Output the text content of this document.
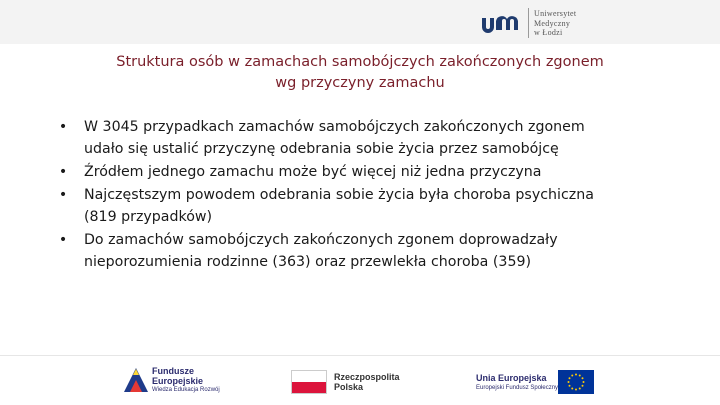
Uniwersytet
Medyczny
w Łodzi
Struktura osób w zamachach samobójczych zakończonych zgonem
wg przyczyny zamachu
• W 3045 przypadkach zamachów samobójczych zakończonych zgonem
udało się ustalić przyczynę odebrania sobie życia przez samobójcę
• Źródłem jednego zamachu może być więcej niż jedna przyczyna
• Najczęstszym powodem odebrania sobie życia była choroba psychiczna
(819 przypadków)
• Do zamachów samobójczych zakończonych zgonem doprowadzały
nieporozumienia rodzinne (363) oraz przewlekła choroba (359)
Fundusze
Europejskie
Wiedza Edukacja Rozwój
Rzeczpospolita
Polska
Unia Europejska
Europejski Fundusz Społeczny
